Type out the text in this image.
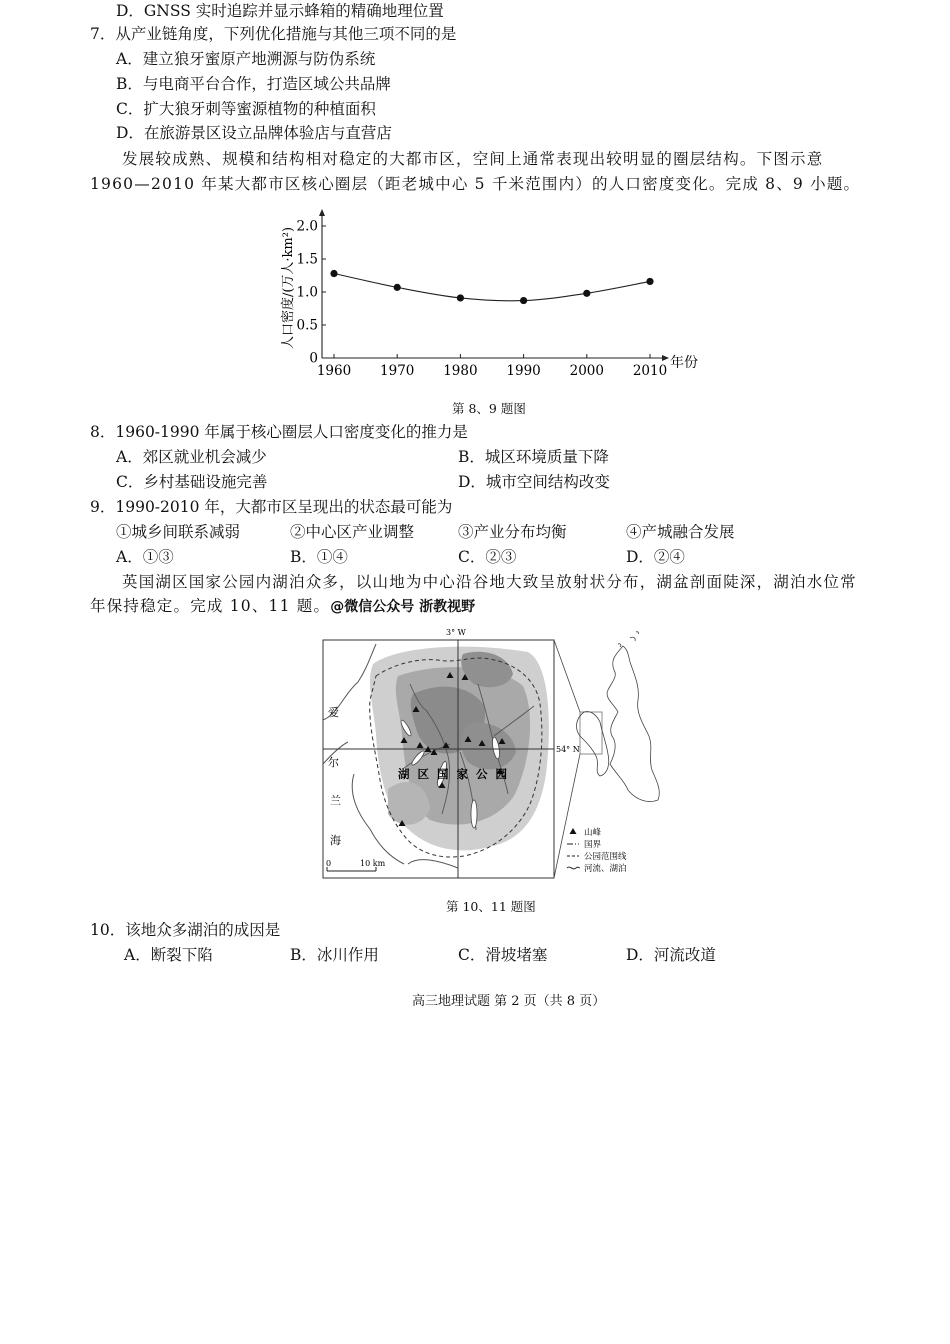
D．GNSS 实时追踪并显示蜂箱的精确地理位置
7．从产业链角度，下列优化措施与其他三项不同的是
A．建立狼牙蜜原产地溯源与防伪系统
B．与电商平台合作，打造区域公共品牌
C．扩大狼牙刺等蜜源植物的种植面积
D．在旅游景区设立品牌体验店与直营店
发展较成熟、规模和结构相对稳定的大都市区，空间上通常表现出较明显的圈层结构。下图示意
1960—2010 年某大都市区核心圈层（距老城中心 5 千米范围内）的人口密度变化。完成 8、9 小题。
0
0.5
1.0
1.5
2.0
1960 1970 1980 1990 2000 2010
人口密度/(万人·km²)
年份
第 8、9 题图
8．1960-1990 年属于核心圈层人口密度变化的推力是
A．郊区就业机会减少	B．城区环境质量下降
C．乡村基础设施完善	D．城市空间结构改变
9．1990-2010 年，大都市区呈现出的状态最可能为
①城乡间联系减弱	②中心区产业调整	③产业分布均衡	④产城融合发展
A．①③	B．①④	C．②③	D．②④
英国湖区国家公园内湖泊众多，以山地为中心沿谷地大致呈放射状分布，湖盆剖面陡深，湖泊水位常
年保持稳定。完成 10、11 题。@微信公众号 浙教视野
3° W
54° N
湖 区 国 家 公 园
爱
尔
兰
海
0	10 km
山峰
国界
公园范围线
河流、湖泊
第 10、11 题图
10．该地众多湖泊的成因是
A．断裂下陷	B．冰川作用	C．滑坡堵塞	D．河流改道
高三地理试题 第 2 页（共 8 页）
